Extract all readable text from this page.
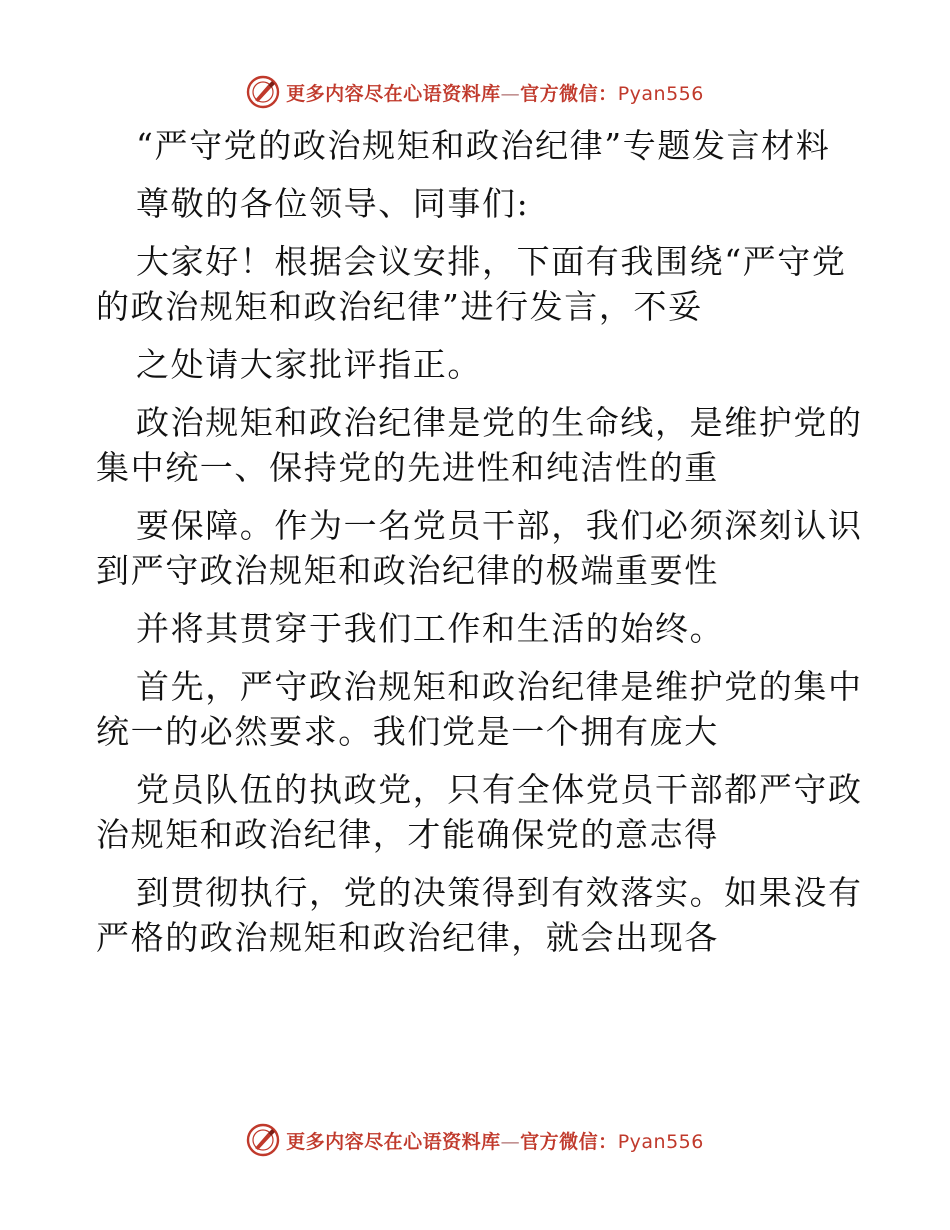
更多内容尽在心语资料库—官方微信：Pyan556
“严守党的政治规矩和政治纪律”专题发言材料
尊敬的各位领导、同事们:
大家好！根据会议安排，下面有我围绕“严守党
的政治规矩和政治纪律”进行发言，不妥
之处请大家批评指正。
政治规矩和政治纪律是党的生命线，是维护党的
集中统一、保持党的先进性和纯洁性的重
要保障。作为一名党员干部，我们必须深刻认识
到严守政治规矩和政治纪律的极端重要性
并将其贯穿于我们工作和生活的始终。
首先，严守政治规矩和政治纪律是维护党的集中
统一的必然要求。我们党是一个拥有庞大
党员队伍的执政党，只有全体党员干部都严守政
治规矩和政治纪律，才能确保党的意志得
到贯彻执行，党的决策得到有效落实。如果没有
严格的政治规矩和政治纪律，就会出现各
更多内容尽在心语资料库—官方微信：Pyan556
